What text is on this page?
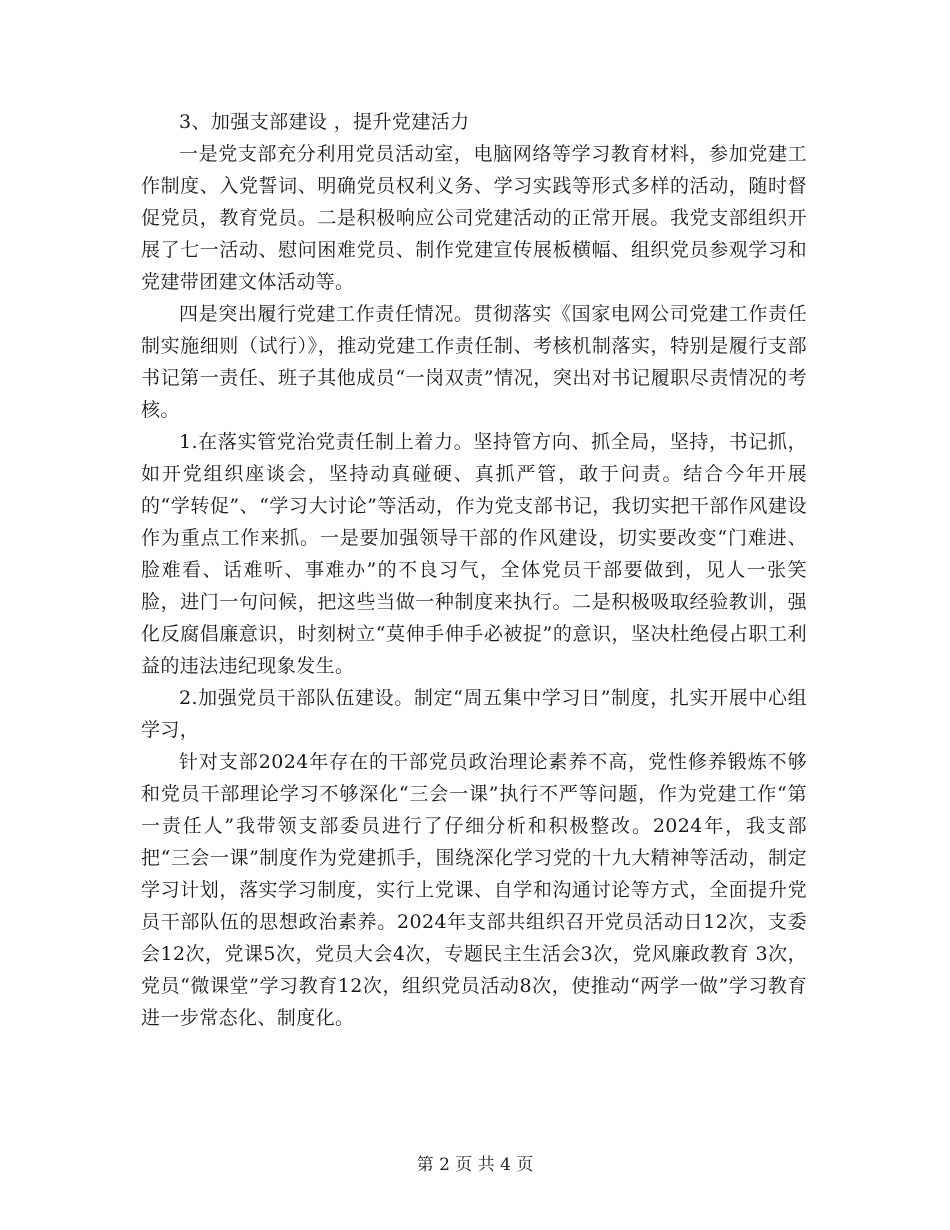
3、加强支部建设 ，提升党建活力

一是党支部充分利用党员活动室，电脑网络等学习教育材料，参加党建工作制度、入党誓词、明确党员权利义务、学习实践等形式多样的活动，随时督促党员，教育党员。二是积极响应公司党建活动的正常开展。我党支部组织开展了七一活动、慰问困难党员、制作党建宣传展板横幅、组织党员参观学习和党建带团建文体活动等。

四是突出履行党建工作责任情况。贯彻落实《国家电网公司党建工作责任制实施细则（试行）》，推动党建工作责任制、考核机制落实，特别是履行支部书记第一责任、班子其他成员“一岗双责”情况，突出对书记履职尽责情况的考核。

1.在落实管党治党责任制上着力。坚持管方向、抓全局，坚持，书记抓，如开党组织座谈会，坚持动真碰硬、真抓严管，敢于问责。结合今年开展的“学转促”、“学习大讨论”等活动，作为党支部书记，我切实把干部作风建设作为重点工作来抓。一是要加强领导干部的作风建设，切实要改变“门难进、脸难看、话难听、事难办”的不良习气，全体党员干部要做到，见人一张笑脸，进门一句问候，把这些当做一种制度来执行。二是积极吸取经验教训，强化反腐倡廉意识，时刻树立“莫伸手伸手必被捉”的意识，坚决杜绝侵占职工利益的违法违纪现象发生。

2.加强党员干部队伍建设。制定“周五集中学习日”制度，扎实开展中心组学习，

针对支部2024年存在的干部党员政治理论素养不高，党性修养锻炼不够和党员干部理论学习不够深化“三会一课”执行不严等问题，作为党建工作“第一责任人”我带领支部委员进行了仔细分析和积极整改。2024年，我支部把“三会一课”制度作为党建抓手，围绕深化学习党的十九大精神等活动，制定学习计划，落实学习制度，实行上党课、自学和沟通讨论等方式，全面提升党员干部队伍的思想政治素养。2024年支部共组织召开党员活动日12次，支委会12次，党课5次，党员大会4次，专题民主生活会3次，党风廉政教育 3次，党员“微课堂”学习教育12次，组织党员活动8次，使推动“两学一做”学习教育进一步常态化、制度化。

第 2 页 共 4 页
